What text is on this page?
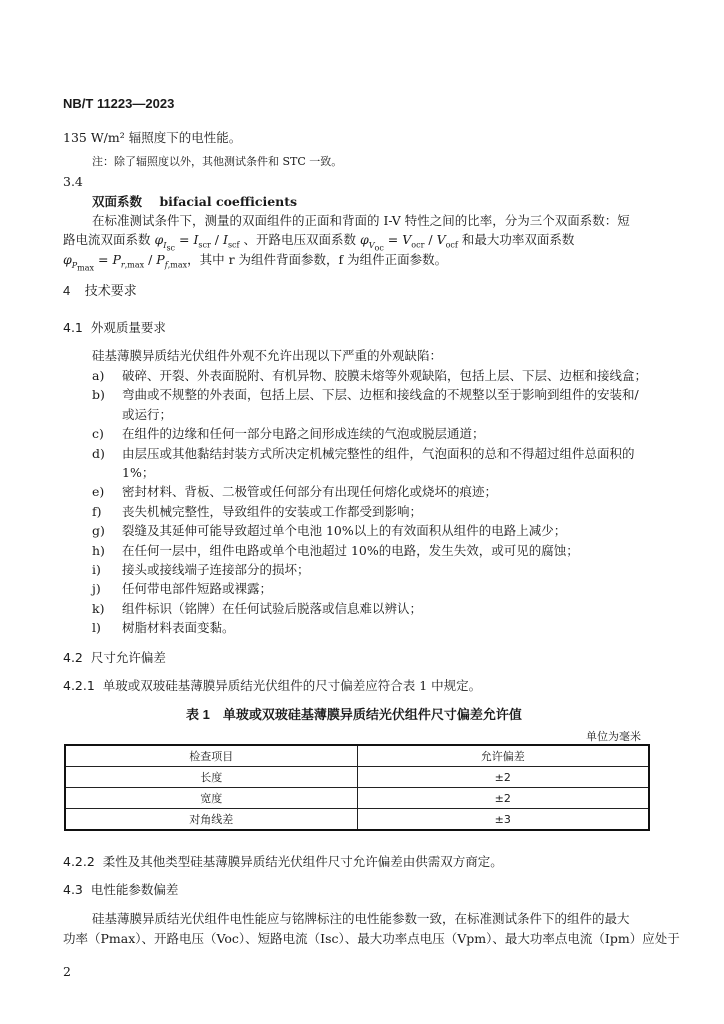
NB/T 11223—2023
135 W/m² 辐照度下的电性能。
注：除了辐照度以外，其他测试条件和 STC 一致。
3.4
双面系数 bifacial coefficients
在标准测试条件下，测量的双面组件的正面和背面的 I-V 特性之间的比率，分为三个双面系数：短
路电流双面系数 $\varphi_{I_{sc}} = I_{scr} / I_{scf}$ 、开路电压双面系数 $\varphi_{V_{oc}} = V_{ocr} / V_{ocf}$ 和最大功率双面系数
$\varphi_{P_{max}} = P_{r,max} / P_{f,max}$，其中 r 为组件背面参数，f 为组件正面参数。
4 技术要求
4.1 外观质量要求
硅基薄膜异质结光伏组件外观不允许出现以下严重的外观缺陷：
a) 破碎、开裂、外表面脱附、有机异物、胶膜未熔等外观缺陷，包括上层、下层、边框和接线盒；
b) 弯曲或不规整的外表面，包括上层、下层、边框和接线盒的不规整以至于影响到组件的安装和/
或运行；
c) 在组件的边缘和任何一部分电路之间形成连续的气泡或脱层通道；
d) 由层压或其他黏结封装方式所决定机械完整性的组件，气泡面积的总和不得超过组件总面积的
1%；
e) 密封材料、背板、二极管或任何部分有出现任何熔化或烧坏的痕迹；
f) 丧失机械完整性，导致组件的安装或工作都受到影响；
g) 裂缝及其延伸可能导致超过单个电池 10%以上的有效面积从组件的电路上减少；
h) 在任何一层中，组件电路或单个电池超过 10%的电路，发生失效，或可见的腐蚀；
i) 接头或接线端子连接部分的损坏；
j) 任何带电部件短路或裸露；
k) 组件标识（铭牌）在任何试验后脱落或信息难以辨认；
l) 树脂材料表面变黏。
4.2 尺寸允许偏差
4.2.1 单玻或双玻硅基薄膜异质结光伏组件的尺寸偏差应符合表 1 中规定。
表 1　单玻或双玻硅基薄膜异质结光伏组件尺寸偏差允许值
单位为毫米
检查项目	允许偏差
长度	±2
宽度	±2
对角线差	±3
4.2.2 柔性及其他类型硅基薄膜异质结光伏组件尺寸允许偏差由供需双方商定。
4.3 电性能参数偏差
硅基薄膜异质结光伏组件电性能应与铭牌标注的电性能参数一致，在标准测试条件下的组件的最大
功率（Pmax）、开路电压（Voc）、短路电流（Isc）、最大功率点电压（Vpm）、最大功率点电流（Ipm）应处于
2
